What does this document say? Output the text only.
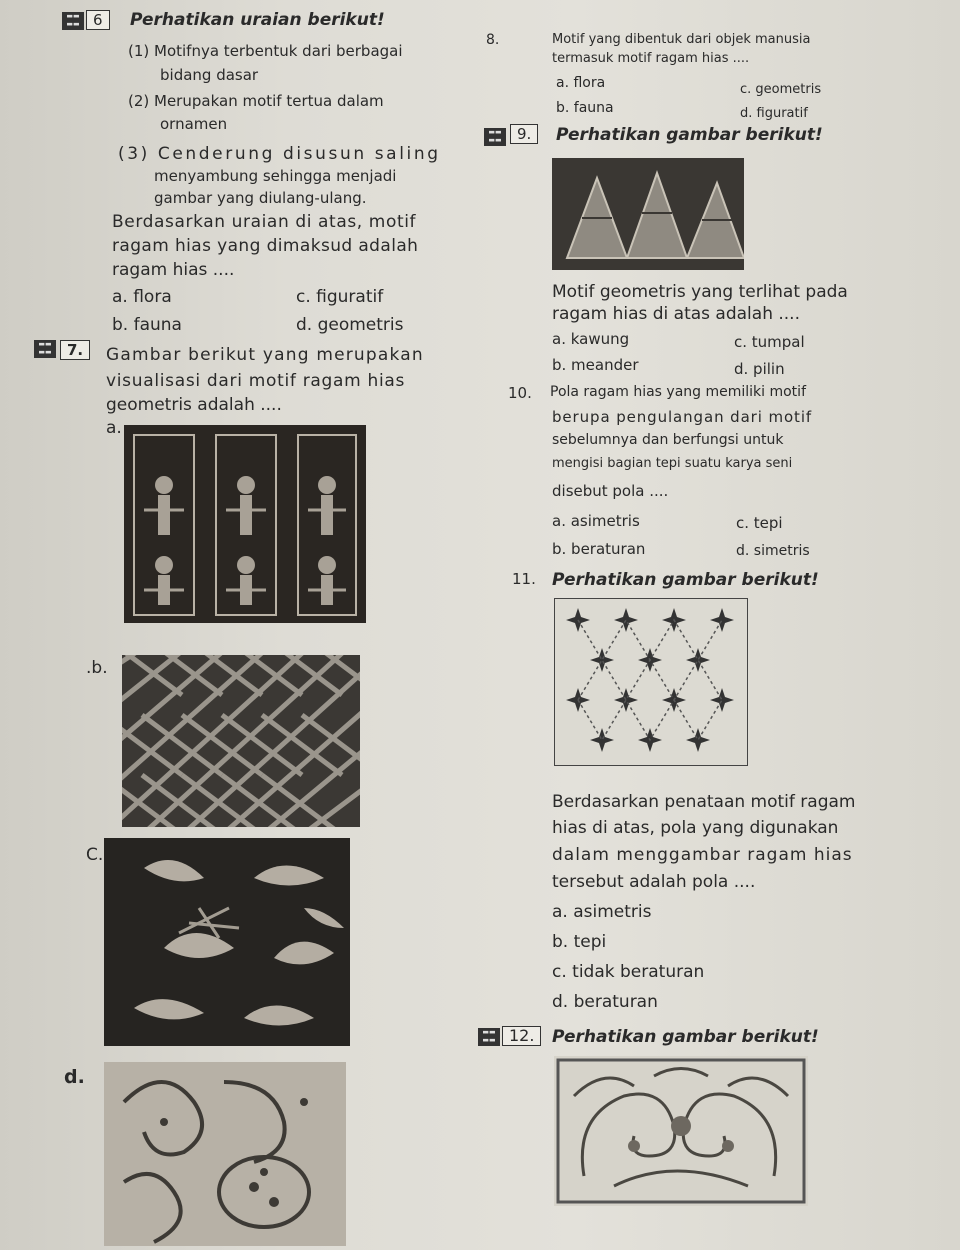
▬▬
▬▬ 6	Perhatikan uraian berikut!
(1) Motifnya terbentuk dari berbagai
bidang dasar
(2) Merupakan motif tertua dalam
ornamen
(3) Cenderung disusun saling
menyambung sehingga menjadi
gambar yang diulang-ulang.
Berdasarkan uraian di atas, motif
ragam hias yang dimaksud adalah
ragam hias ....
a. flora	c. figuratif
b. fauna	d. geometris
▬▬
▬▬	7.	Gambar berikut yang merupakan
visualisasi dari motif ragam hias
geometris adalah ....
a.
.b.
C.
d.
8.	Motif yang dibentuk dari objek manusia
termasuk motif ragam hias ....
a. flora	c. geometris
b. fauna	d. figuratif
▬▬
▬▬	9.	Perhatikan gambar berikut!
Motif geometris yang terlihat pada
ragam hias di atas adalah ....
a. kawung	c. tumpal
b. meander	d. pilin
10. Pola ragam hias yang memiliki motif
berupa pengulangan dari motif
sebelumnya dan berfungsi untuk
mengisi bagian tepi suatu karya seni
disebut pola ....
a. asimetris	c. tepi
b. beraturan	d. simetris
11. Perhatikan gambar berikut!
Berdasarkan penataan motif ragam
hias di atas, pola yang digunakan
dalam menggambar ragam hias
tersebut adalah pola ....
a. asimetris
b. tepi
c. tidak beraturan
d. beraturan
▬▬
▬▬ 12.	Perhatikan gambar berikut!
